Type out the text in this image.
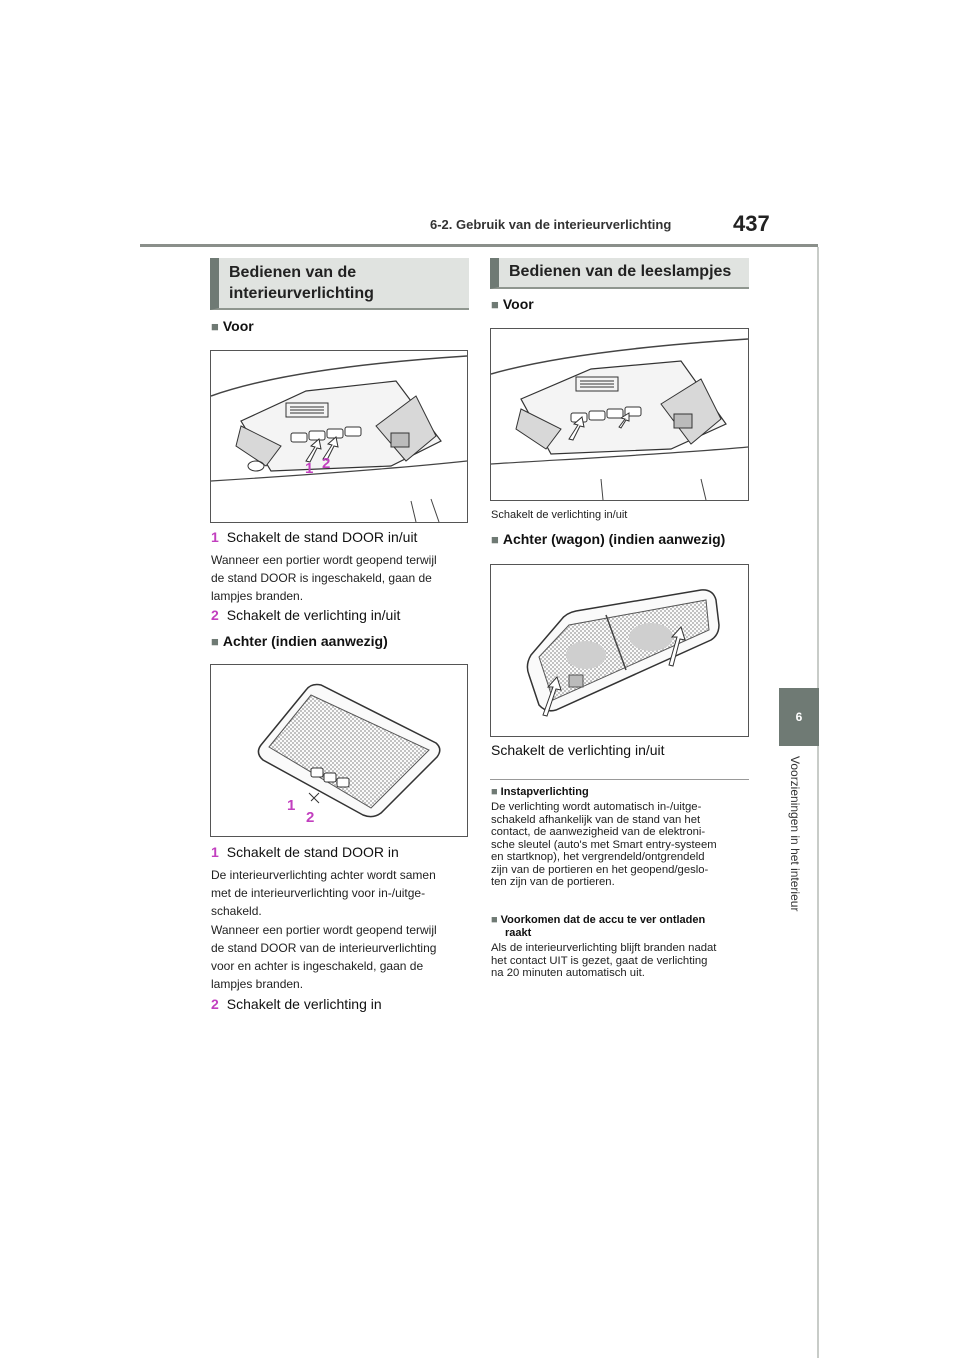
6-2. Gebruik van de interieurverlichting	437
6
Voorzieningen in het interieur
Bedienen van de
interieurverlichting
■ Voor
1 2
1 Schakelt de stand DOOR in/uit
Wanneer een portier wordt geopend terwijl
de stand DOOR is ingeschakeld, gaan de
lampjes branden.
2 Schakelt de verlichting in/uit
■ Achter (indien aanwezig)
1
2
1 Schakelt de stand DOOR in
De interieurverlichting achter wordt samen
met de interieurverlichting voor in-/uitge-
schakeld.
Wanneer een portier wordt geopend terwijl
de stand DOOR van de interieurverlichting
voor en achter is ingeschakeld, gaan de
lampjes branden.
2 Schakelt de verlichting in
Bedienen van de leeslampjes
■ Voor
Schakelt de verlichting in/uit
■ Achter (wagon) (indien aanwezig)
Schakelt de verlichting in/uit
■ Instapverlichting
De verlichting wordt automatisch in-/uitge-
schakeld afhankelijk van de stand van het
contact, de aanwezigheid van de elektroni-
sche sleutel (auto's met Smart entry-systeem
en startknop), het vergrendeld/ontgrendeld
zijn van de portieren en het geopend/geslo-
ten zijn van de portieren.
■ Voorkomen dat de accu te ver ontladen
raakt
Als de interieurverlichting blijft branden nadat
het contact UIT is gezet, gaat de verlichting
na 20 minuten automatisch uit.
